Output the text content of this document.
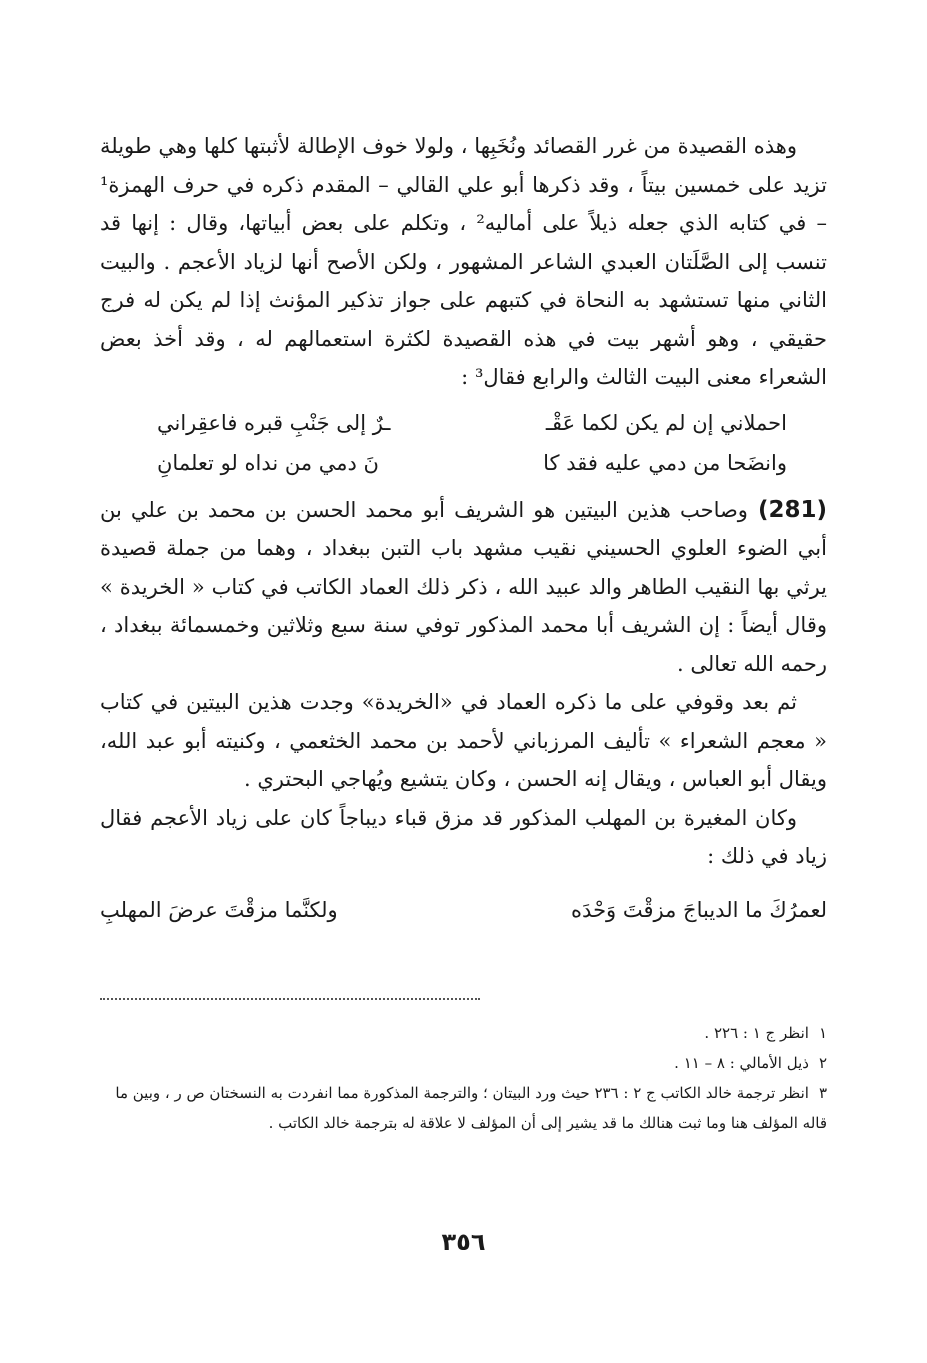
وهذه القصيدة من غرر القصائد ونُخَبِها ، ولولا خوف الإطالة لأثبتها كلها وهي طويلة تزيد على خمسين بيتاً ، وقد ذكرها أبو علي القالي – المقدم ذكره في حرف الهمزة¹ – في كتابه الذي جعله ذيلاً على أماليه² ، وتكلم على بعض أبياتها، وقال : إنها قد تنسب إلى الصَّلَتان العبدي الشاعر المشهور ، ولكن الأصح أنها لزياد الأعجم . والبيت الثاني منها تستشهد به النحاة في كتبهم على جواز تذكير المؤنث إذا لم يكن له فرج حقيقي ، وهو أشهر بيت في هذه القصيدة لكثرة استعمالهم له ، وقد أخذ بعض الشعراء معنى البيت الثالث والرابع فقال³ :

احملاني إن لم يكن لكما عَقْـ
ـرٌ إلى جَنْبِ قبره فاعقِراني
وانضَحا من دمي عليه فقد كا
نَ دمي من نداه لو تعلمانِ

(281)وصاحب هذين البيتين هو الشريف أبو محمد الحسن بن محمد بن علي بن أبي الضوء العلوي الحسيني نقيب مشهد باب التبن ببغداد ، وهما من جملة قصيدة يرثي بها النقيب الطاهر والد عبيد الله ، ذكر ذلك العماد الكاتب في كتاب « الخريدة » وقال أيضاً : إن الشريف أبا محمد المذكور توفي سنة سبع وثلاثين وخمسمائة ببغداد ، رحمه الله تعالى .

ثم بعد وقوفي على ما ذكره العماد في «الخريدة» وجدت هذين البيتين في كتاب « معجم الشعراء » تأليف المرزباني لأحمد بن محمد الخثعمي ، وكنيته أبو عبد الله، ويقال أبو العباس ، ويقال إنه الحسن ، وكان يتشيع ويُهاجي البحتري .

وكان المغيرة بن المهلب المذكور قد مزق قباء ديباجاً كان على زياد الأعجم فقال زياد في ذلك :

لعمرُكَ ما الديباجَ مزقْتَ وَحْدَه
ولكنَّما مزقْتَ عرضَ المهلبِ

١انظر ج ١ : ٢٢٦ .

٢ذيل الأمالي : ٨ – ١١ .

٣انظر ترجمة خالد الكاتب ج ٢ : ٢٣٦ حيث ورد البيتان ؛ والترجمة المذكورة مما انفردت به النسختان ص ر ، وبين ما قاله المؤلف هنا وما ثبت هنالك ما قد يشير إلى أن المؤلف لا علاقة له بترجمة خالد الكاتب .

٣٥٦
